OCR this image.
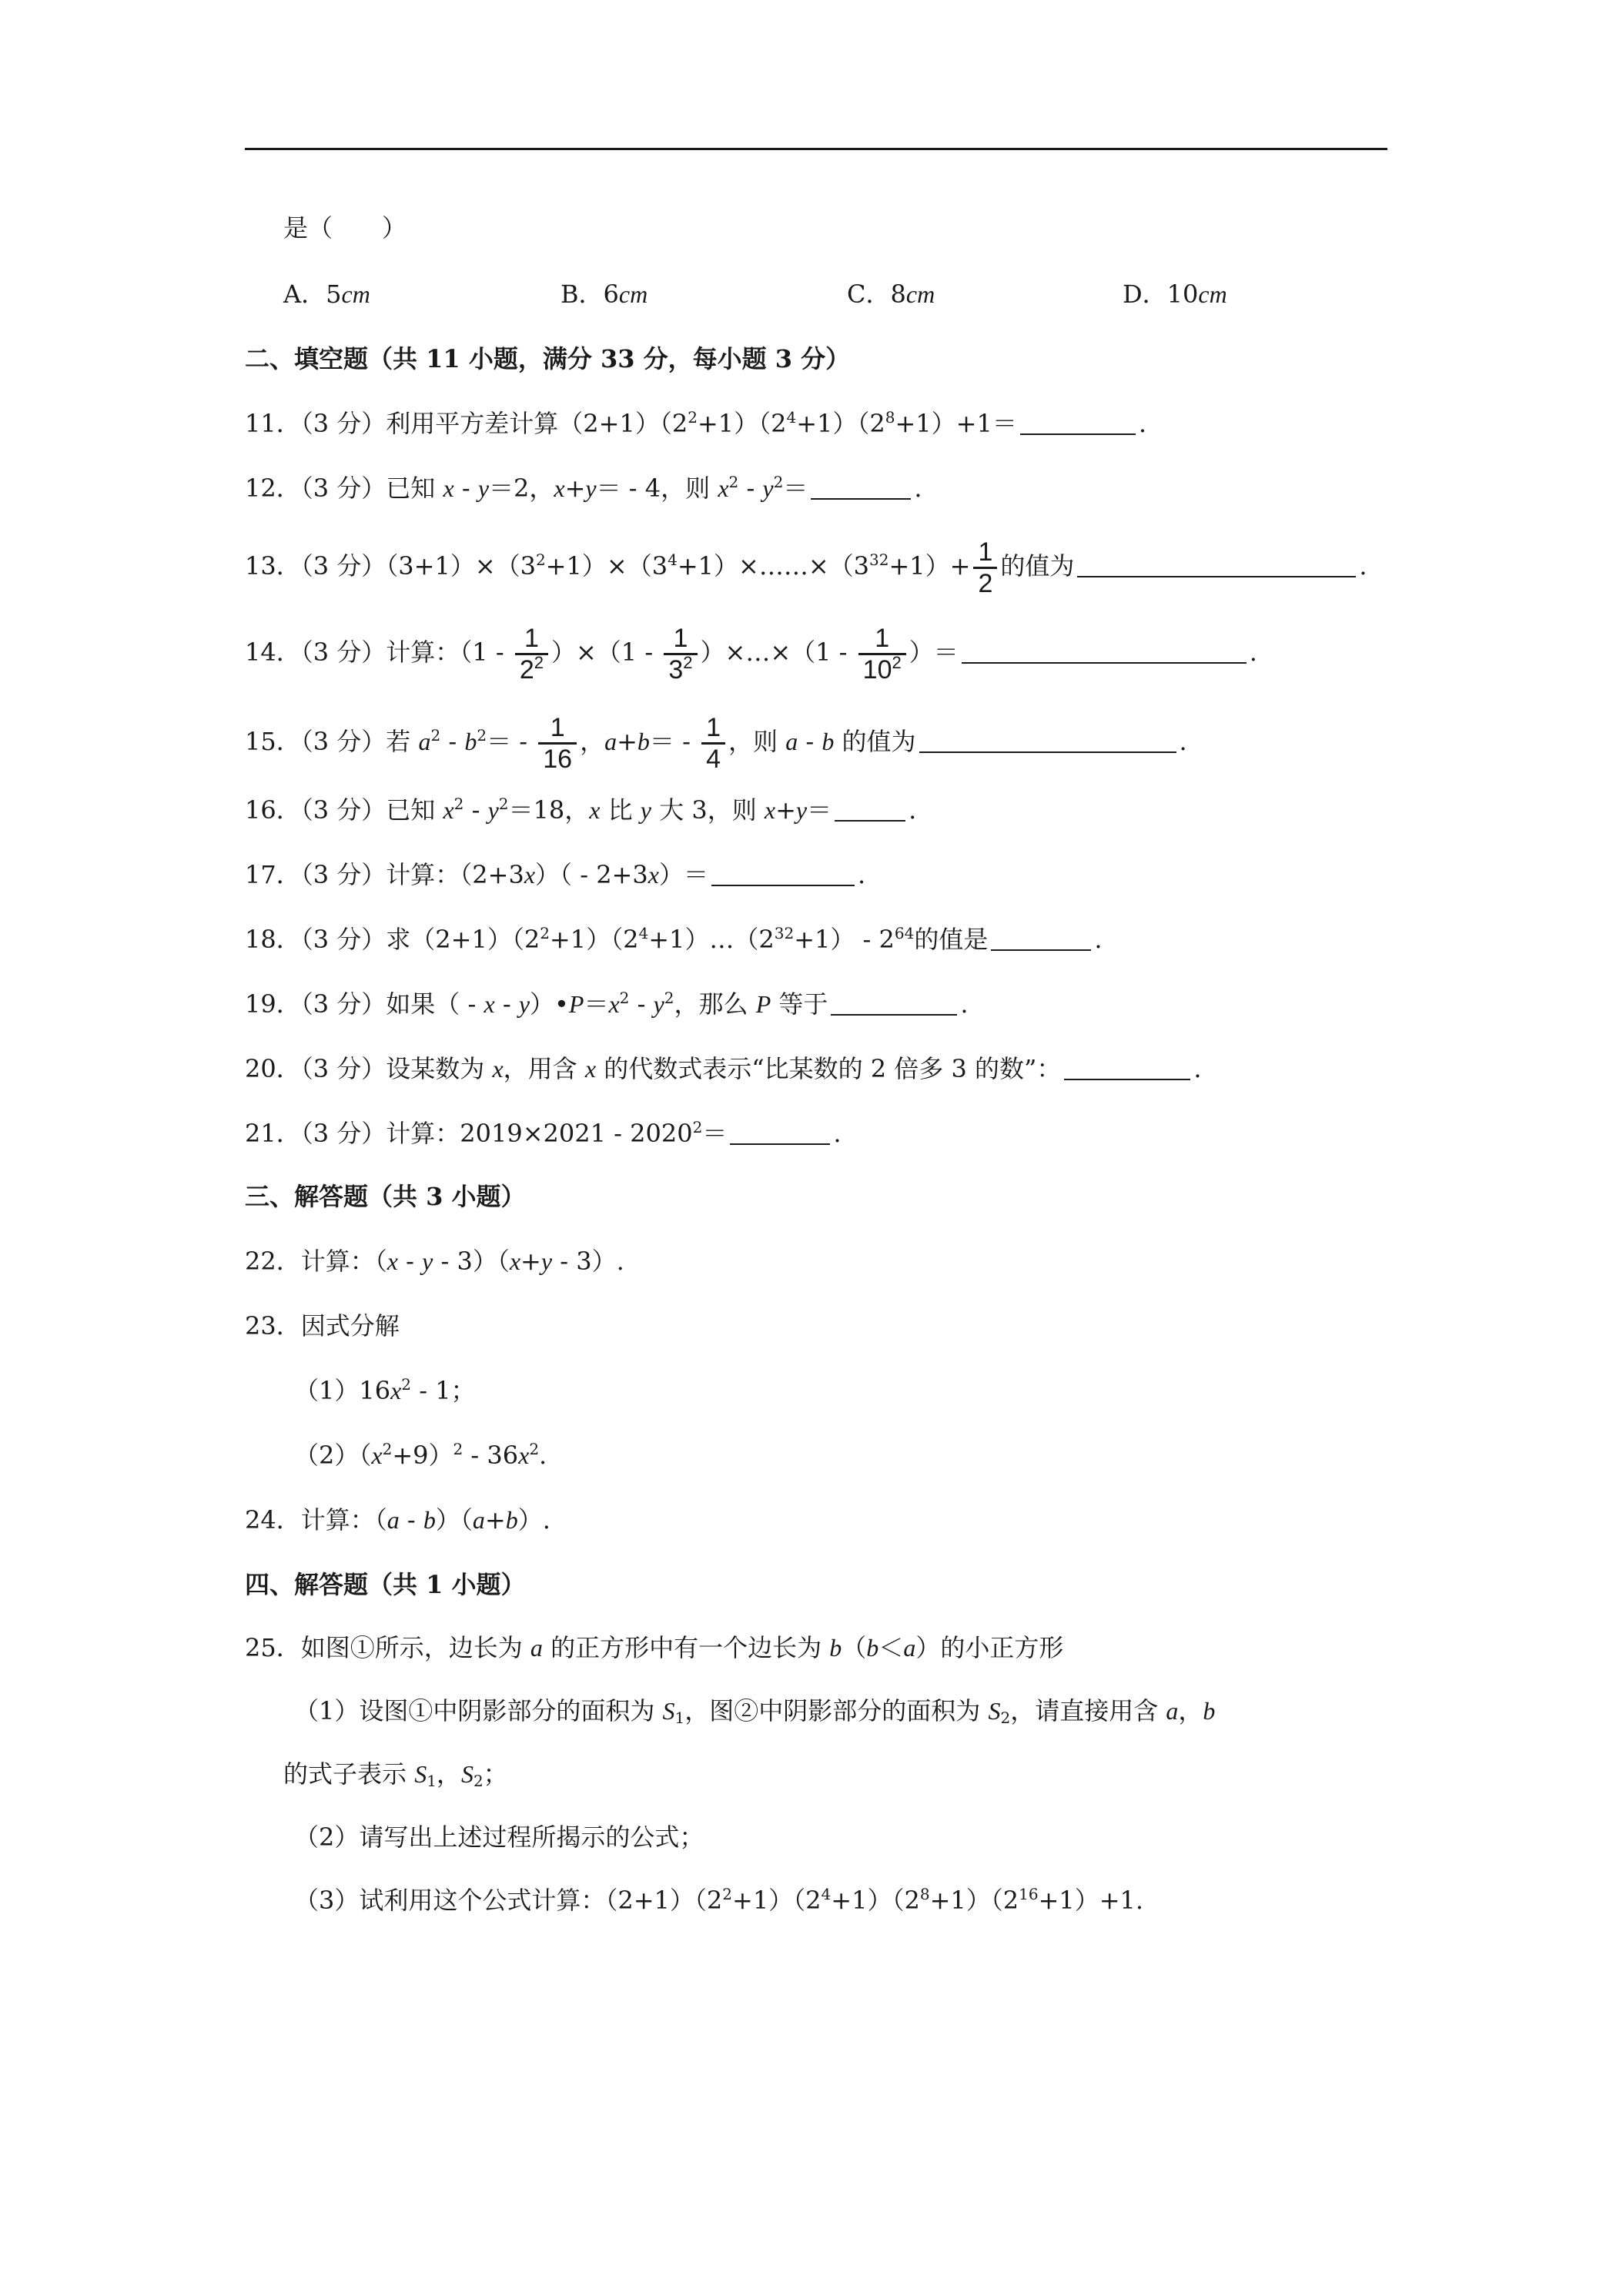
是（　　）
A．5cm	B．6cm	C．8cm	D．10cm
二、填空题（共 11 小题，满分 33 分，每小题 3 分）
11．（3 分）利用平方差计算$(2+1)(2^2+1)(2^4+1)(2^8+1)+1=$	.
12．（3 分）已知 x - y＝2，x+y＝ - 4，则 $x^2 - y^2=$	.
13．（3 分）$(3+1)\times(3^2+1)\times(3^4+1)\times\dots\dots\times(3^{32}+1)+ \frac{1}{2}$ 的值为	.
14．（3 分）计算：$(1 - \frac{1}{2^2} )\times(1 - \frac{1}{3^2}$ ）×…×（1 - $\frac{1}{10^2}$ ）＝	.
15．（3 分）若 $a^2 - b^2= - \frac{1}{16}$ ，$a+b= - \frac{1}{4}$ ，则 a - b 的值为	.
16．（3 分）已知 $x^2 - y^2=18$，x 比 y 大 3，则 x+y＝	.
17．（3 分）计算：（2+3x）（ - 2+3x）＝	.
18．（3 分）求$(2+1)(2^2+1)(2^4+1)\dots(2^{32}+1) - 2^{64}$的值是	.
19．（3 分）如果（ - $x - y)•P=x^2 - y^2$，那么 P 等于	.
20．（3 分）设某数为 x，用含 x 的代数式表示“比某数的 2 倍多 3 的数”：	.
21．（3 分）计算：$2019\times 2021 - 2020^2=$	.
三、解答题（共 3 小题）
22．计算：（x - y - 3）（x+y - 3）.
23．因式分解
$(1)16x^2 - 1$；
$(2)(x^2+9)^2 - 36x^2$.
24．计算：（a - b）（a+b）.
四、解答题（共 1 小题）
25．如图①所示，边长为 a 的正方形中有一个边长为 b（b＜a）的小正方形
（1）设图①中阴影部分的面积为 $S_1$，图②中阴影部分的面积为 $S_2$，请直接用含 a，b
的式子表示 $S_1$，$S_2$；
（2）请写出上述过程所揭示的公式；
（3）试利用这个公式计算：$(2+1)(2^2+1)(2^4+1)(2^8+1)(2^{16}+1)+1$.
